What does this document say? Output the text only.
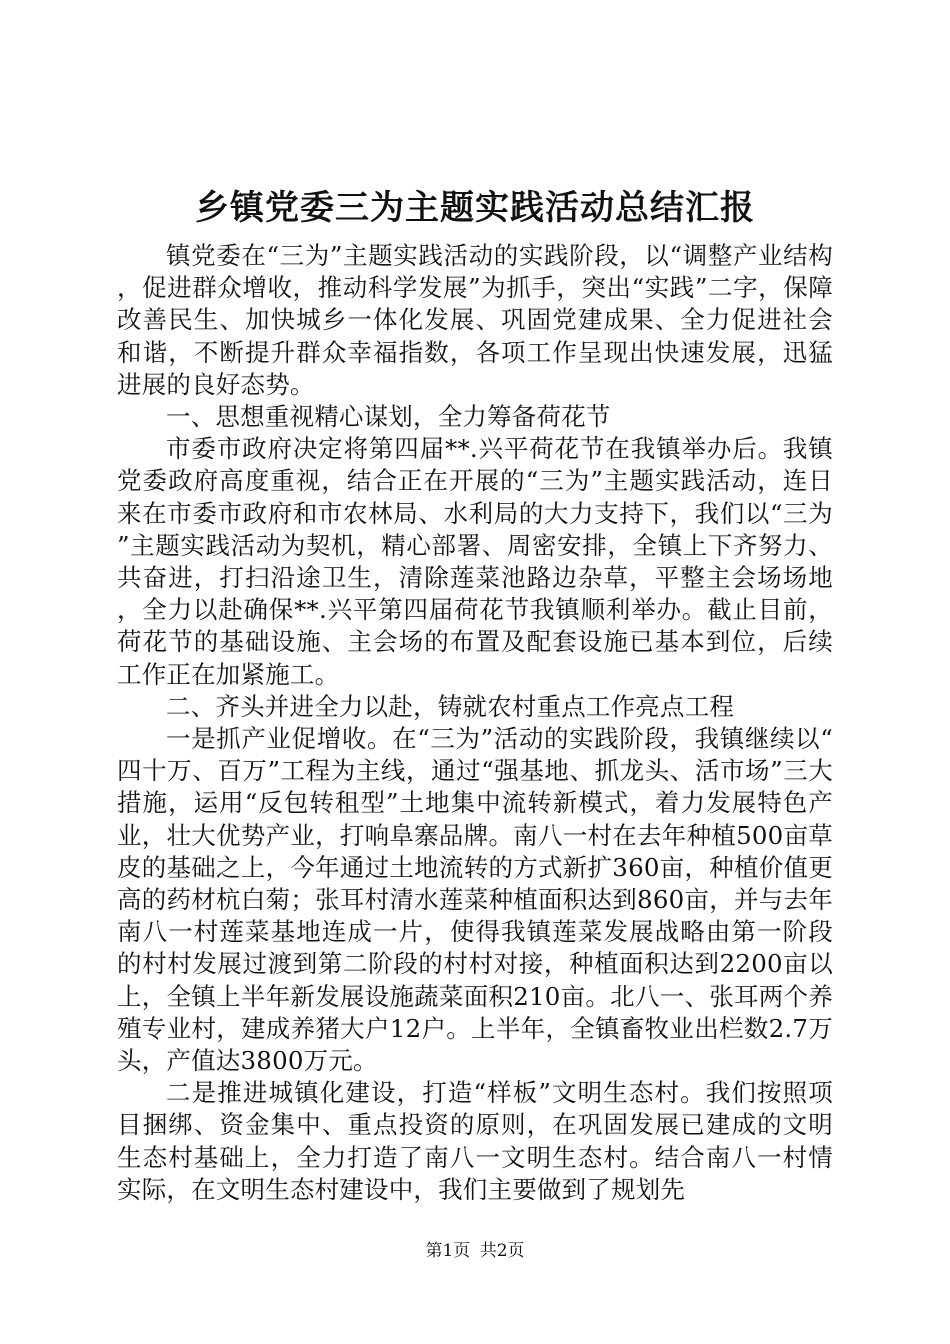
乡镇党委三为主题实践活动总结汇报

镇党委在“三为”主题实践活动的实践阶段，以“调整产业结构，促进群众增收，推动科学发展”为抓手，突出“实践”二字，保障改善民生、加快城乡一体化发展、巩固党建成果、全力促进社会和谐，不断提升群众幸福指数，各项工作呈现出快速发展，迅猛进展的良好态势。

一、思想重视精心谋划，全力筹备荷花节

市委市政府决定将第四届**.兴平荷花节在我镇举办后。我镇党委政府高度重视，结合正在开展的“三为”主题实践活动，连日来在市委市政府和市农林局、水利局的大力支持下，我们以“三为”主题实践活动为契机，精心部署、周密安排，全镇上下齐努力、共奋进，打扫沿途卫生，清除莲菜池路边杂草，平整主会场场地，全力以赴确保**.兴平第四届荷花节我镇顺利举办。截止目前，荷花节的基础设施、主会场的布置及配套设施已基本到位，后续工作正在加紧施工。

二、齐头并进全力以赴，铸就农村重点工作亮点工程

一是抓产业促增收。在“三为”活动的实践阶段，我镇继续以“四十万、百万”工程为主线，通过“强基地、抓龙头、活市场”三大措施，运用“反包转租型”土地集中流转新模式，着力发展特色产业，壮大优势产业，打响阜寨品牌。南八一村在去年种植500亩草皮的基础之上，今年通过土地流转的方式新扩360亩，种植价值更高的药材杭白菊；张耳村清水莲菜种植面积达到860亩，并与去年南八一村莲菜基地连成一片，使得我镇莲菜发展战略由第一阶段的村村发展过渡到第二阶段的村村对接，种植面积达到2200亩以上，全镇上半年新发展设施蔬菜面积210亩。北八一、张耳两个养殖专业村，建成养猪大户12户。上半年，全镇畜牧业出栏数2.7万头，产值达3800万元。

二是推进城镇化建设，打造“样板”文明生态村。我们按照项目捆绑、资金集中、重点投资的原则，在巩固发展已建成的文明生态村基础上，全力打造了南八一文明生态村。结合南八一村情实际，在文明生态村建设中，我们主要做到了规划先

第1页 共2页
